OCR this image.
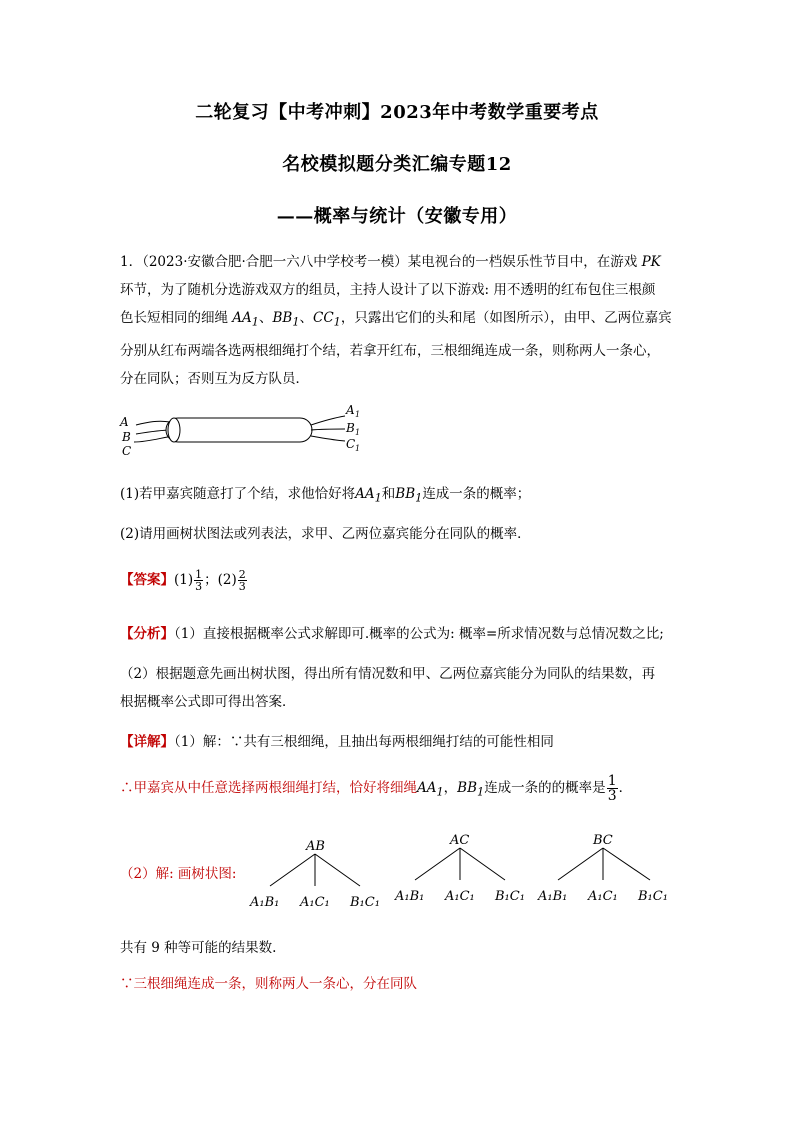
二轮复习【中考冲刺】2023年中考数学重要考点
名校模拟题分类汇编专题12
——概率与统计（安徽专用）
1．（2023·安徽合肥·合肥一六八中学校考一模）某电视台的一档娱乐性节目中，在游戏 PK
环节，为了随机分选游戏双方的组员，主持人设计了以下游戏: 用不透明的红布包住三根颜
色长短相同的细绳 $AA_1$、$BB_1$、$CC_1$，只露出它们的头和尾（如图所示），由甲、乙两位嘉宾
分别从红布两端各选两根细绳打个结，若拿开红布，三根细绳连成一条，则称两人一条心，
分在同队；否则互为反方队员．
A
B
C
A 1
B 1
C 1
(1)若甲嘉宾随意打了个结，求他恰好将$AA_1$和$BB_1$连成一条的概率；
(2)请用画树状图法或列表法，求甲、乙两位嘉宾能分在同队的概率．
【答案】$(1) \frac{1}{3}$ ；$(2) \frac{2}{3}$
【分析】（1）直接根据概率公式求解即可.概率的公式为: 概率=所求情况数与总情况数之比;
（2）根据题意先画出树状图，得出所有情况数和甲、乙两位嘉宾能分为同队的结果数，再
根据概率公式即可得出答案．
【详解】（1）解：∵共有三根细绳，且抽出每两根细绳打结的可能性相同
∴甲嘉宾从中任意选择两根细绳打结，恰好将细绳$AA_1$，$BB_1$连成一条的的概率是 $\frac{1}{3}$ ．
（2）解: 画树状图:
AB
A₁B₁ A₁C₁ B₁C₁
AC
A₁B₁ A₁C₁ B₁C₁
BC
A₁B₁ A₁C₁ B₁C₁
共有 9 种等可能的结果数.
∵三根细绳连成一条，则称两人一条心，分在同队
